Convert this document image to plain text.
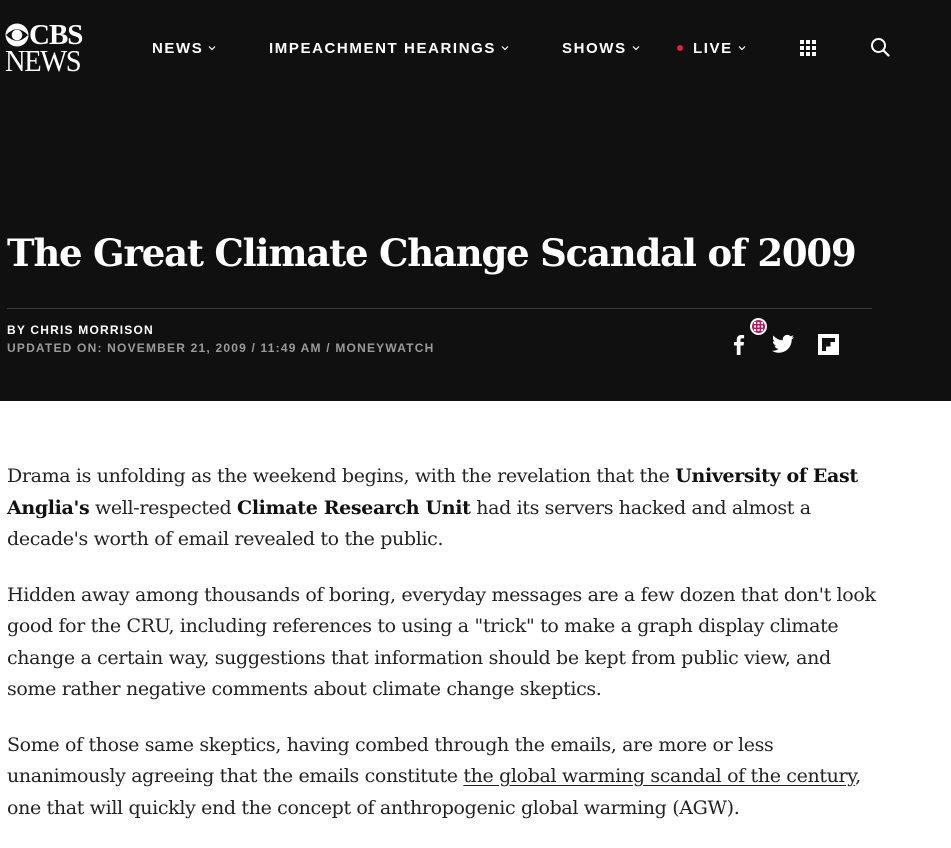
CBS
NEWS	NEWS	IMPEACHMENT HEARINGS	SHOWS	LIVE
The Great Climate Change Scandal of 2009
BY CHRIS MORRISON
UPDATED ON: NOVEMBER 21, 2009 / 11:49 AM / MONEYWATCH

Drama is unfolding as the weekend begins, with the revelation that the University of East Anglia's well-respected Climate Research Unit had its servers hacked and almost a decade's worth of email revealed to the public.

Hidden away among thousands of boring, everyday messages are a few dozen that don't look good for the CRU, including references to using a "trick" to make a graph display climate change a certain way, suggestions that information should be kept from public view, and some rather negative comments about climate change skeptics.

Some of those same skeptics, having combed through the emails, are more or less unanimously agreeing that the emails constitute the global warming scandal of the century, one that will quickly end the concept of anthropogenic global warming (AGW).
